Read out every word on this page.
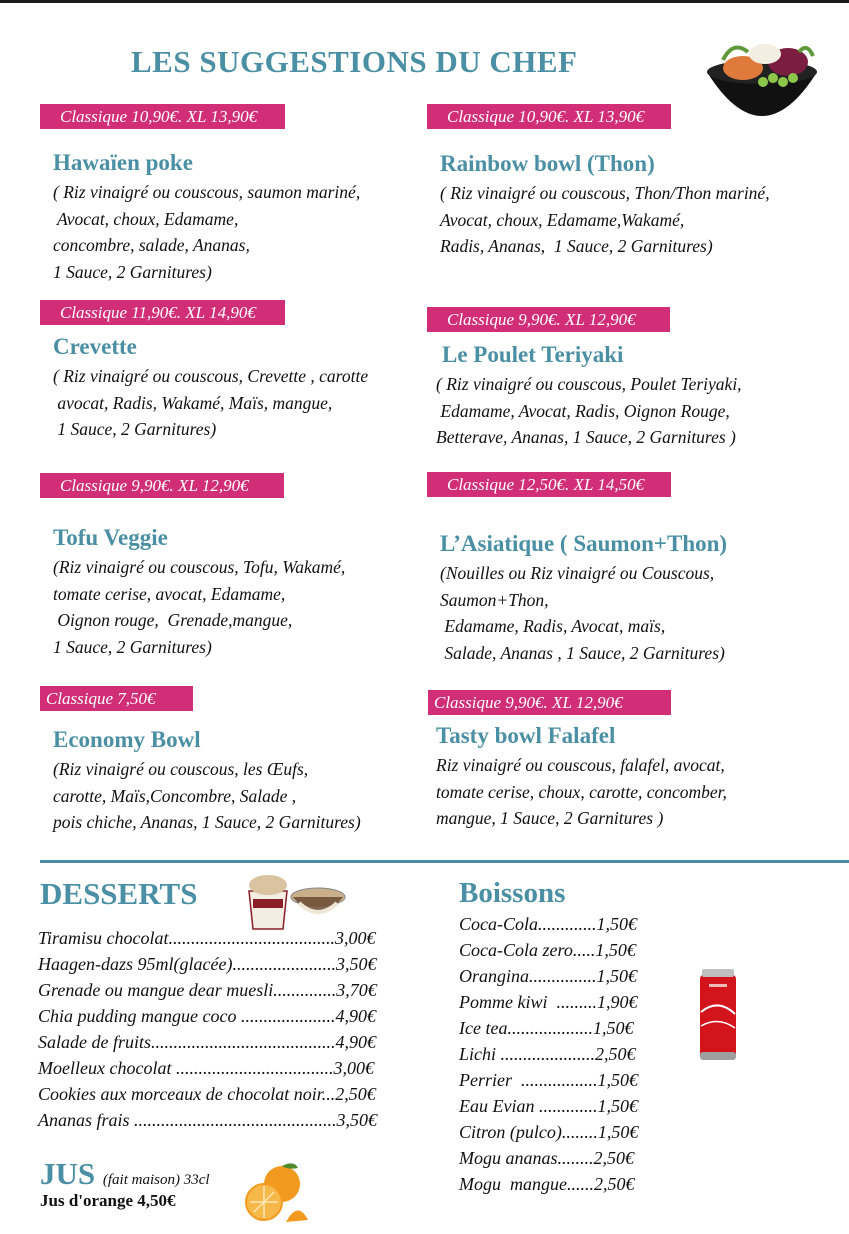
LES SUGGESTIONS DU CHEF
Classique 10,90€. XL 13,90€
Hawaïen poke
( Riz vinaigré ou couscous, saumon mariné,
Avocat, choux, Edamame,
concombre, salade, Ananas,
1 Sauce, 2 Garnitures)
Classique 10,90€. XL 13,90€
Rainbow bowl (Thon)
( Riz vinaigré ou couscous, Thon/Thon mariné,
Avocat, choux, Edamame,Wakamé,
Radis, Ananas,  1 Sauce, 2 Garnitures)
Classique 11,90€. XL 14,90€
Crevette
( Riz vinaigré ou couscous, Crevette , carotte
avocat, Radis, Wakamé, Maïs, mangue,
1 Sauce, 2 Garnitures)
Classique 9,90€. XL 12,90€
Le Poulet Teriyaki
( Riz vinaigré ou couscous, Poulet Teriyaki,
Edamame, Avocat, Radis, Oignon Rouge,
Betterave, Ananas, 1 Sauce, 2 Garnitures )
Classique 9,90€. XL 12,90€
Tofu Veggie
(Riz vinaigré ou couscous, Tofu, Wakamé,
tomate cerise, avocat, Edamame,
Oignon rouge,  Grenade,mangue,
1 Sauce, 2 Garnitures)
Classique 12,50€. XL 14,50€
L’Asiatique ( Saumon+Thon)
(Nouilles ou Riz vinaigré ou Couscous,
Saumon+Thon,
Edamame, Radis, Avocat, maïs,
Salade, Ananas , 1 Sauce, 2 Garnitures)
Classique 7,50€
Economy Bowl
(Riz vinaigré ou couscous, les Œufs,
carotte, Maïs,Concombre, Salade ,
pois chiche, Ananas, 1 Sauce, 2 Garnitures)
Classique 9,90€. XL 12,90€
Tasty bowl Falafel
Riz vinaigré ou couscous, falafel, avocat,
tomate cerise, choux, carotte, concomber,
mangue, 1 Sauce, 2 Garnitures )
DESSERTS
Tiramisu chocolat.....................................3,00€
Haagen-dazs 95ml(glacée).......................3,50€
Grenade ou mangue dear muesli..............3,70€
Chia pudding mangue coco .....................4,90€
Salade de fruits.........................................4,90€
Moelleux chocolat ...................................3,00€
Cookies aux morceaux de chocolat noir...2,50€
Ananas frais .............................................3,50€
JUS (fait maison) 33cl
Jus d'orange 4,50€
Boissons
Coca-Cola.............1,50€
Coca-Cola zero.....1,50€
Orangina...............1,50€
Pomme kiwi  .........1,90€
Ice tea...................1,50€
Lichi .....................2,50€
Perrier  .................1,50€
Eau Evian .............1,50€
Citron (pulco)........1,50€
Mogu ananas........2,50€
Mogu  mangue......2,50€
